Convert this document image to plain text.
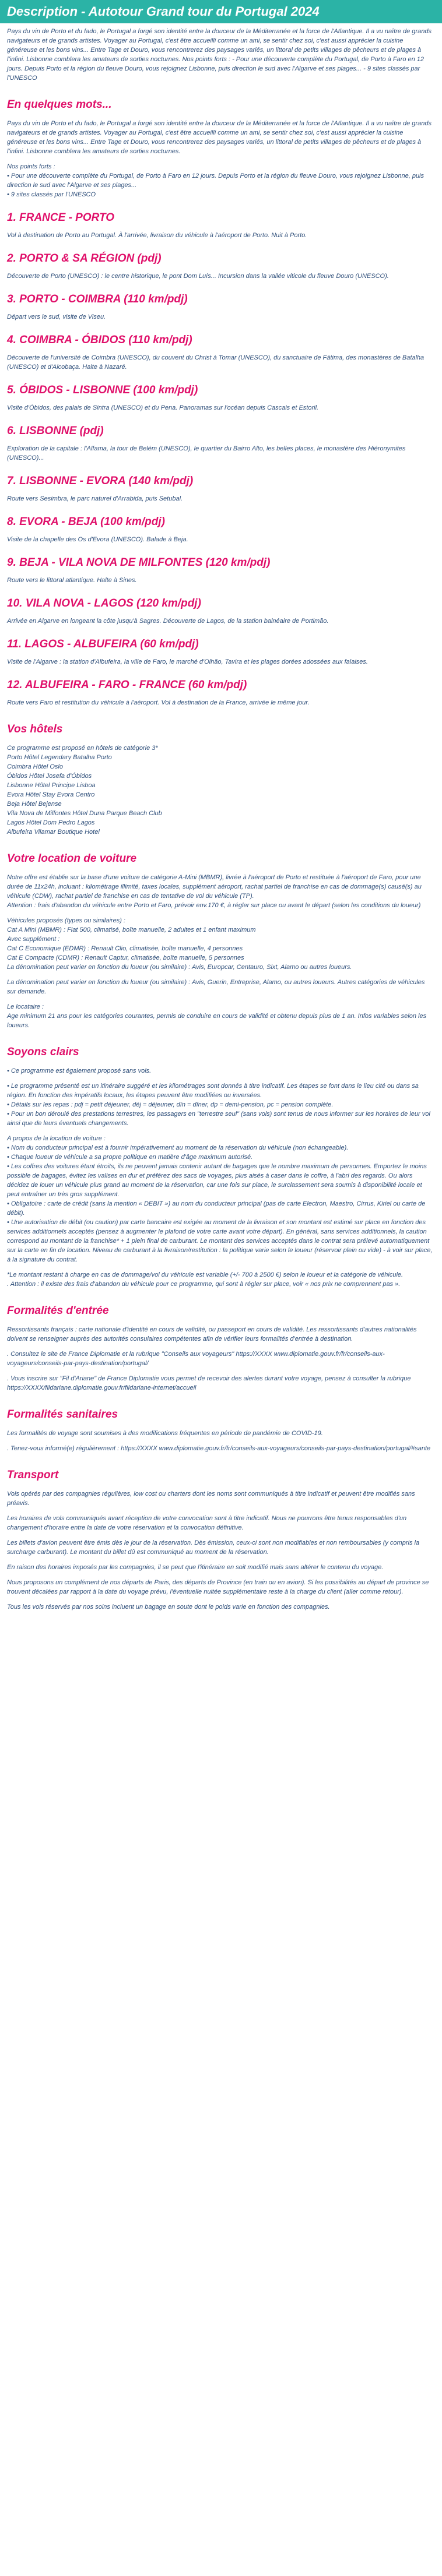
Description - Autotour Grand tour du Portugal 2024

Pays du vin de Porto et du fado, le Portugal a forgé son identité entre la douceur de la Méditerranée et la force de l'Atlantique. Il a vu naître de grands navigateurs et de grands artistes. Voyager au Portugal, c'est être accueilli comme un ami, se sentir chez soi, c'est aussi apprécier la cuisine généreuse et les bons vins... Entre Tage et Douro, vous rencontrerez des paysages variés, un littoral de petits villages de pêcheurs et de plages à l'infini. Lisbonne comblera les amateurs de sorties nocturnes. Nos points forts : - Pour une découverte complète du Portugal, de Porto à Faro en 12 jours. Depuis Porto et la région du fleuve Douro, vous rejoignez Lisbonne, puis direction le sud avec l'Algarve et ses plages... - 9 sites classés par l'UNESCO

En quelques mots...

Pays du vin de Porto et du fado, le Portugal a forgé son identité entre la douceur de la Méditerranée et la force de l'Atlantique. Il a vu naître de grands navigateurs et de grands artistes. Voyager au Portugal, c'est être accueilli comme un ami, se sentir chez soi, c'est aussi apprécier la cuisine généreuse et les bons vins... Entre Tage et Douro, vous rencontrerez des paysages variés, un littoral de petits villages de pêcheurs et de plages à l'infini. Lisbonne comblera les amateurs de sorties nocturnes.

Nos points forts :
• Pour une découverte complète du Portugal, de Porto à Faro en 12 jours. Depuis Porto et la région du fleuve Douro, vous rejoignez Lisbonne, puis direction le sud avec l'Algarve et ses plages...
• 9 sites classés par l'UNESCO
1. FRANCE - PORTO

Vol à destination de Porto au Portugal. À l'arrivée, livraison du véhicule à l'aéroport de Porto. Nuit à Porto.

2. PORTO & SA RÉGION (pdj)

Découverte de Porto (UNESCO) : le centre historique, le pont Dom Luís... Incursion dans la vallée viticole du fleuve Douro (UNESCO).

3. PORTO - COIMBRA (110 km/pdj)

Départ vers le sud, visite de Viseu.

4. COIMBRA - ÓBIDOS (110 km/pdj)

Découverte de l'université de Coimbra (UNESCO), du couvent du Christ à Tomar (UNESCO), du sanctuaire de Fátima, des monastères de Batalha (UNESCO) et d'Alcobaça. Halte à Nazaré.

5. ÓBIDOS - LISBONNE (100 km/pdj)

Visite d'Óbidos, des palais de Sintra (UNESCO) et du Pena. Panoramas sur l'océan depuis Cascais et Estoril.

6. LISBONNE (pdj)

Exploration de la capitale : l'Alfama, la tour de Belém (UNESCO), le quartier du Bairro Alto, les belles places, le monastère des Hiéronymites (UNESCO)...

7. LISBONNE - EVORA (140 km/pdj)

Route vers Sesimbra, le parc naturel d'Arrabida, puis Setubal.

8. EVORA - BEJA (100 km/pdj)

Visite de la chapelle des Os d'Evora (UNESCO). Balade à Beja.

9. BEJA - VILA NOVA DE MILFONTES (120 km/pdj)

Route vers le littoral atlantique. Halte à Sines.

10. VILA NOVA - LAGOS (120 km/pdj)

Arrivée en Algarve en longeant la côte jusqu'à Sagres. Découverte de Lagos, de la station balnéaire de Portimão.

11. LAGOS - ALBUFEIRA (60 km/pdj)

Visite de l'Algarve : la station d'Albufeira, la ville de Faro, le marché d'Olhão, Tavira et les plages dorées adossées aux falaises.

12. ALBUFEIRA - FARO - FRANCE (60 km/pdj)

Route vers Faro et restitution du véhicule à l'aéroport. Vol à destination de la France, arrivée le même jour.

Vos hôtels
Ce programme est proposé en hôtels de catégorie 3*
Porto Hôtel Legendary Batalha Porto
Coimbra Hôtel Oslo
Óbidos Hôtel Josefa d'Óbidos
Lisbonne Hôtel Principe Lisboa
Evora Hôtel Stay Evora Centro
Beja Hôtel Bejense
Vila Nova de Milfontes Hôtel Duna Parque Beach Club
Lagos Hôtel Dom Pedro Lagos
Albufeira Vilamar Boutique Hotel
Votre location de voiture
Notre offre est établie sur la base d'une voiture de catégorie A-Mini (MBMR), livrée à l'aéroport de Porto et restituée à l'aéroport de Faro, pour une durée de 11x24h, incluant : kilométrage illimité, taxes locales, supplément aéroport, rachat partiel de franchise en cas de dommage(s) causé(s) au véhicule (CDW), rachat partiel de franchise en cas de tentative de vol du véhicule (TP).
Attention : frais d'abandon du véhicule entre Porto et Faro, prévoir env.170 €, à régler sur place ou avant le départ (selon les conditions du loueur)
Véhicules proposés (types ou similaires) :
Cat A Mini (MBMR) : Fiat 500, climatisé, boîte manuelle, 2 adultes et 1 enfant maximum
Avec supplément :
Cat C Economique (EDMR) : Renault Clio, climatisée, boîte manuelle, 4 personnes
Cat E Compacte (CDMR) : Renault Captur, climatisée, boîte manuelle, 5 personnes
La dénomination peut varier en fonction du loueur (ou similaire) : Avis, Europcar, Centauro, Sixt, Alamo ou autres loueurs.

La dénomination peut varier en fonction du loueur (ou similaire) : Avis, Guerin, Entreprise, Alamo, ou autres loueurs. Autres catégories de véhicules sur demande.

Le locataire :
Age minimum 21 ans pour les catégories courantes, permis de conduire en cours de validité et obtenu depuis plus de 1 an. Infos variables selon les loueurs.
Soyons clairs

• Ce programme est également proposé sans vols.

• Le programme présenté est un itinéraire suggéré et les kilométrages sont donnés à titre indicatif. Les étapes se font dans le lieu cité ou dans sa région. En fonction des impératifs locaux, les étapes peuvent être modifiées ou inversées.
• Détails sur les repas : pdj = petit déjeuner, déj = déjeuner, dîn = dîner, dp = demi-pension, pc = pension complète.
• Pour un bon déroulé des prestations terrestres, les passagers en "terrestre seul" (sans vols) sont tenus de nous informer sur les horaires de leur vol ainsi que de leurs éventuels changements.
A propos de la location de voiture :
• Nom du conducteur principal est à fournir impérativement au moment de la réservation du véhicule (non échangeable).
• Chaque loueur de véhicule a sa propre politique en matière d'âge maximum autorisé.
• Les coffres des voitures étant étroits, ils ne peuvent jamais contenir autant de bagages que le nombre maximum de personnes. Emportez le moins possible de bagages, évitez les valises en dur et préférez des sacs de voyages, plus aisés à caser dans le coffre, à l'abri des regards. Ou alors décidez de louer un véhicule plus grand au moment de la réservation, car une fois sur place, le surclassement sera soumis à disponibilité locale et peut entraîner un très gros supplément.
• Obligatoire : carte de crédit (sans la mention « DEBIT ») au nom du conducteur principal (pas de carte Electron, Maestro, Cirrus, Kiriel ou carte de débit).
• Une autorisation de débit (ou caution) par carte bancaire est exigée au moment de la livraison et son montant est estimé sur place en fonction des services additionnels acceptés (pensez à augmenter le plafond de votre carte avant votre départ). En général, sans services additionnels, la caution correspond au montant de la franchise* + 1 plein final de carburant. Le montant des services acceptés dans le contrat sera prélevé automatiquement sur la carte en fin de location. Niveau de carburant à la livraison/restitution : la politique varie selon le loueur (réservoir plein ou vide) - à voir sur place, à la signature du contrat.
*Le montant restant à charge en cas de dommage/vol du véhicule est variable (+/- 700 à 2500 €) selon le loueur et la catégorie de véhicule.
. Attention : il existe des frais d'abandon du véhicule pour ce programme, qui sont à régler sur place, voir « nos prix ne comprennent pas ».
Formalités d'entrée

Ressortissants français : carte nationale d'identité en cours de validité, ou passeport en cours de validité. Les ressortissants d'autres nationalités doivent se renseigner auprès des autorités consulaires compétentes afin de vérifier leurs formalités d'entrée à destination.

. Consultez le site de France Diplomatie et la rubrique "Conseils aux voyageurs" https://XXXX www.diplomatie.gouv.fr/fr/conseils-aux-voyageurs/conseils-par-pays-destination/portugal/

. Vous inscrire sur "Fil d'Ariane" de France Diplomatie vous permet de recevoir des alertes durant votre voyage, pensez à consulter la rubrique https://XXXX/fildariane.diplomatie.gouv.fr/fildariane-internet/accueil

Formalités sanitaires

Les formalités de voyage sont soumises à des modifications fréquentes en période de pandémie de COVID-19.

. Tenez-vous informé(e) régulièrement : https://XXXX www.diplomatie.gouv.fr/fr/conseils-aux-voyageurs/conseils-par-pays-destination/portugal/#sante

Transport

Vols opérés par des compagnies régulières, low cost ou charters dont les noms sont communiqués à titre indicatif et peuvent être modifiés sans préavis.

Les horaires de vols communiqués avant réception de votre convocation sont à titre indicatif. Nous ne pourrons être tenus responsables d'un changement d'horaire entre la date de votre réservation et la convocation définitive.

Les billets d'avion peuvent être émis dès le jour de la réservation. Dès émission, ceux-ci sont non modifiables et non remboursables (y compris la surcharge carburant). Le montant du billet dû est communiqué au moment de la réservation.

En raison des horaires imposés par les compagnies, il se peut que l'itinéraire en soit modifié mais sans altérer le contenu du voyage.

Nous proposons un complément de nos départs de Paris, des départs de Province (en train ou en avion). Si les possibilités au départ de province se trouvent décalées par rapport à la date du voyage prévu, l'éventuelle nuitée supplémentaire reste à la charge du client (aller comme retour).

Tous les vols réservés par nos soins incluent un bagage en soute dont le poids varie en fonction des compagnies.
